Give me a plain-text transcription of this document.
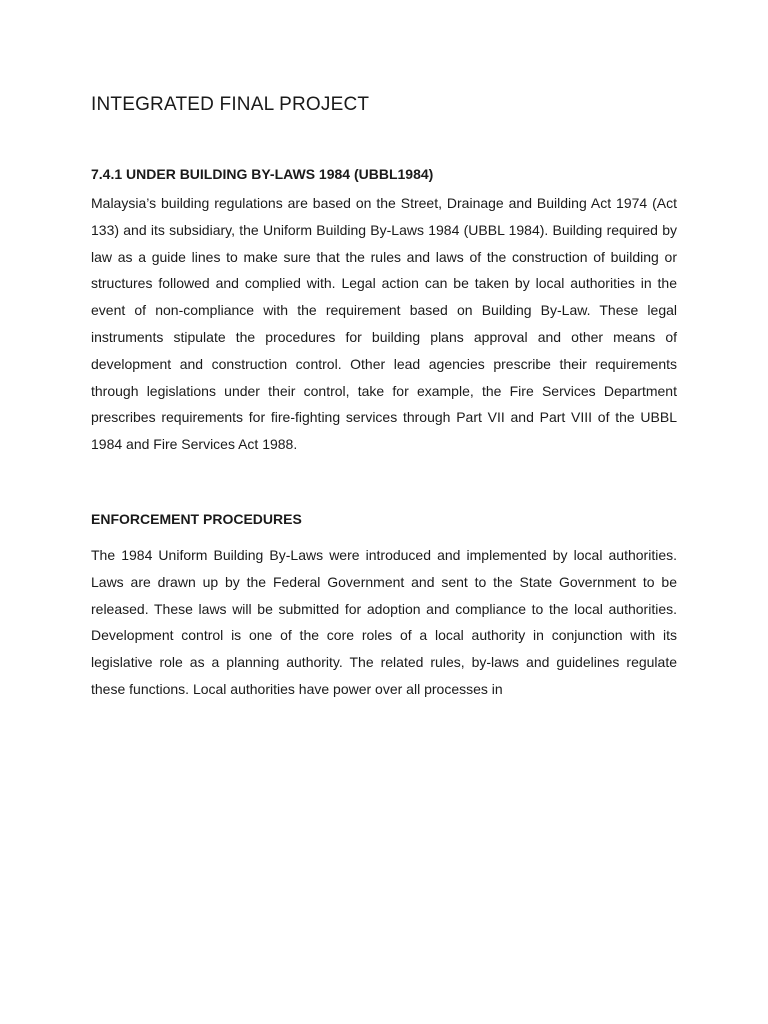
INTEGRATED FINAL PROJECT
7.4.1 UNDER BUILDING BY-LAWS 1984 (UBBL1984)

Malaysia’s building regulations are based on the Street, Drainage and Building Act 1974 (Act 133) and its subsidiary, the Uniform Building By-Laws 1984 (UBBL 1984). Building required by law as a guide lines to make sure that the rules and laws of the construction of building or structures followed and complied with. Legal action can be taken by local authorities in the event of non-compliance with the requirement based on Building By-Law. These legal instruments stipulate the procedures for building plans approval and other means of development and construction control. Other lead agencies prescribe their requirements through legislations under their control, take for example, the Fire Services Department prescribes requirements for fire-fighting services through Part VII and Part VIII of the UBBL 1984 and Fire Services Act 1988.

ENFORCEMENT PROCEDURES

The 1984 Uniform Building By-Laws were introduced and implemented by local authorities. Laws are drawn up by the Federal Government and sent to the State Government to be released. These laws will be submitted for adoption and compliance to the local authorities. Development control is one of the core roles of a local authority in conjunction with its legislative role as a planning authority. The related rules, by-laws and guidelines regulate these functions. Local authorities have power over all processes in
